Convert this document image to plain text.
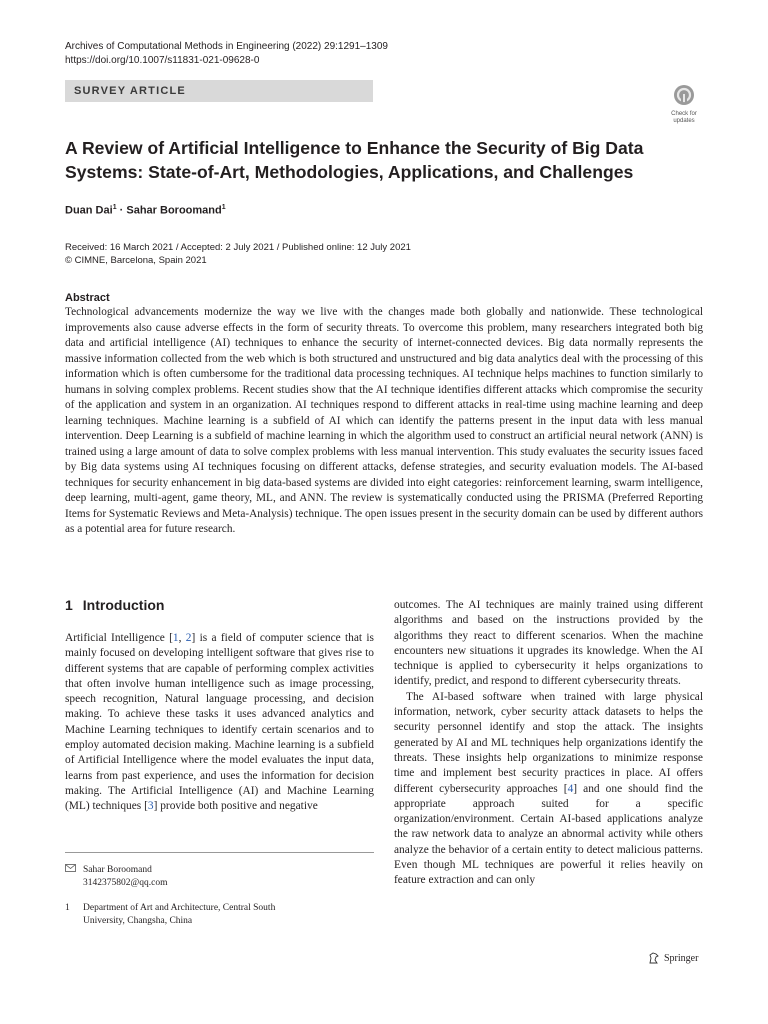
Archives of Computational Methods in Engineering (2022) 29:1291–1309
https://doi.org/10.1007/s11831-021-09628-0
SURVEY ARTICLE
Check for
updates
A Review of Artificial Intelligence to Enhance the Security of Big Data Systems: State-of-Art, Methodologies, Applications, and Challenges
Duan Dai$^1$ · Sahar Boroomand$^1$
Received: 16 March 2021 / Accepted: 2 July 2021 / Published online: 12 July 2021
© CIMNE, Barcelona, Spain 2021
Abstract
Technological advancements modernize the way we live with the changes made both globally and nationwide. These technological improvements also cause adverse effects in the form of security threats. To overcome this problem, many researchers integrated both big data and artificial intelligence (AI) techniques to enhance the security of internet-connected devices. Big data normally represents the massive information collected from the web which is both structured and unstructured and big data analytics deal with the processing of this information which is often cumbersome for the traditional data processing techniques. AI technique helps machines to function similarly to humans in solving complex problems. Recent studies show that the AI technique identifies different attacks which compromise the security of the application and system in an organization. AI techniques respond to different attacks in real-time using machine learning and deep learning techniques. Machine learning is a subfield of AI which can identify the patterns present in the input data with less manual intervention. Deep Learning is a subfield of machine learning in which the algorithm used to construct an artificial neural network (ANN) is trained using a large amount of data to solve complex problems with less manual intervention. This study evaluates the security issues faced by Big data systems using AI techniques focusing on different attacks, defense strategies, and security evaluation models. The AI-based techniques for security enhancement in big data-based systems are divided into eight categories: reinforcement learning, swarm intelligence, deep learning, multi-agent, game theory, ML, and ANN. The review is systematically conducted using the PRISMA (Preferred Reporting Items for Systematic Reviews and Meta-Analysis) technique. The open issues present in the security domain can be used by different authors as a potential area for future research.
1 Introduction

Artificial Intelligence [1, 2] is a field of computer science that is mainly focused on developing intelligent software that gives rise to different systems that are capable of performing complex activities that often involve human intelligence such as image processing, speech recognition, Natural language processing, and decision making. To achieve these tasks it uses advanced analytics and Machine Learning techniques to identify certain scenarios and to employ automated decision making. Machine learning is a subfield of Artificial Intelligence where the model evaluates the input data, learns from past experience, and uses the information for decision making. The Artificial Intelligence (AI) and Machine Learning (ML) techniques [3] provide both positive and negative

outcomes. The AI techniques are mainly trained using different algorithms and based on the instructions provided by the algorithms they react to different scenarios. When the machine encounters new situations it upgrades its knowledge. When the AI technique is applied to cybersecurity it helps organizations to identify, predict, and respond to different cybersecurity threats.

The AI-based software when trained with large physical information, network, cyber security attack datasets to helps the security personnel identify and stop the attack. The insights generated by AI and ML techniques help organizations identify the threats. These insights help organizations to minimize response time and implement best security practices in place. AI offers different cybersecurity approaches [4] and one should find the appropriate approach suited for a specific organization/environment. Certain AI-based applications analyze the raw network data to analyze an abnormal activity while others analyze the behavior of a certain entity to detect malicious patterns. Even though ML techniques are powerful it relies heavily on feature extraction and can only

Sahar Boroomand
3142375802@qq.com
1 Department of Art and Architecture, Central South
University, Changsha, China
Springer
